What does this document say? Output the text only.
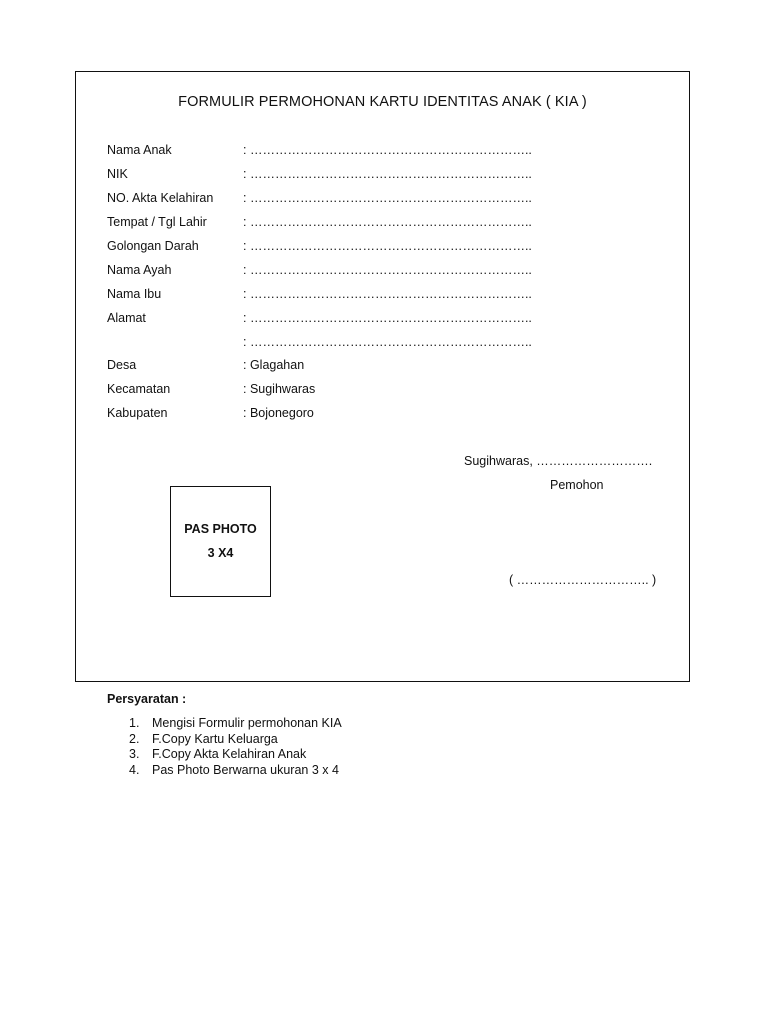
FORMULIR PERMOHONAN KARTU IDENTITAS ANAK ( KIA )
Nama Anak	: …………………………………………………………..
NIK	: …………………………………………………………..
NO. Akta Kelahiran : …………………………………………………………..
Tempat / Tgl Lahir	: …………………………………………………………..
Golongan Darah	: …………………………………………………………..
Nama Ayah	: …………………………………………………………..
Nama Ibu	: …………………………………………………………..
Alamat	: …………………………………………………………..
: …………………………………………………………..
Desa	: Glagahan
Kecamatan	: Sugihwaras
Kabupaten	: Bojonegoro
Sugihwaras, ……………………….
Pemohon
PAS PHOTO
3 X4
( ………………………….. )
Persyaratan :
1. Mengisi Formulir permohonan KIA
2. F.Copy Kartu Keluarga
3. F.Copy Akta Kelahiran Anak
4. Pas Photo Berwarna ukuran 3 x 4
